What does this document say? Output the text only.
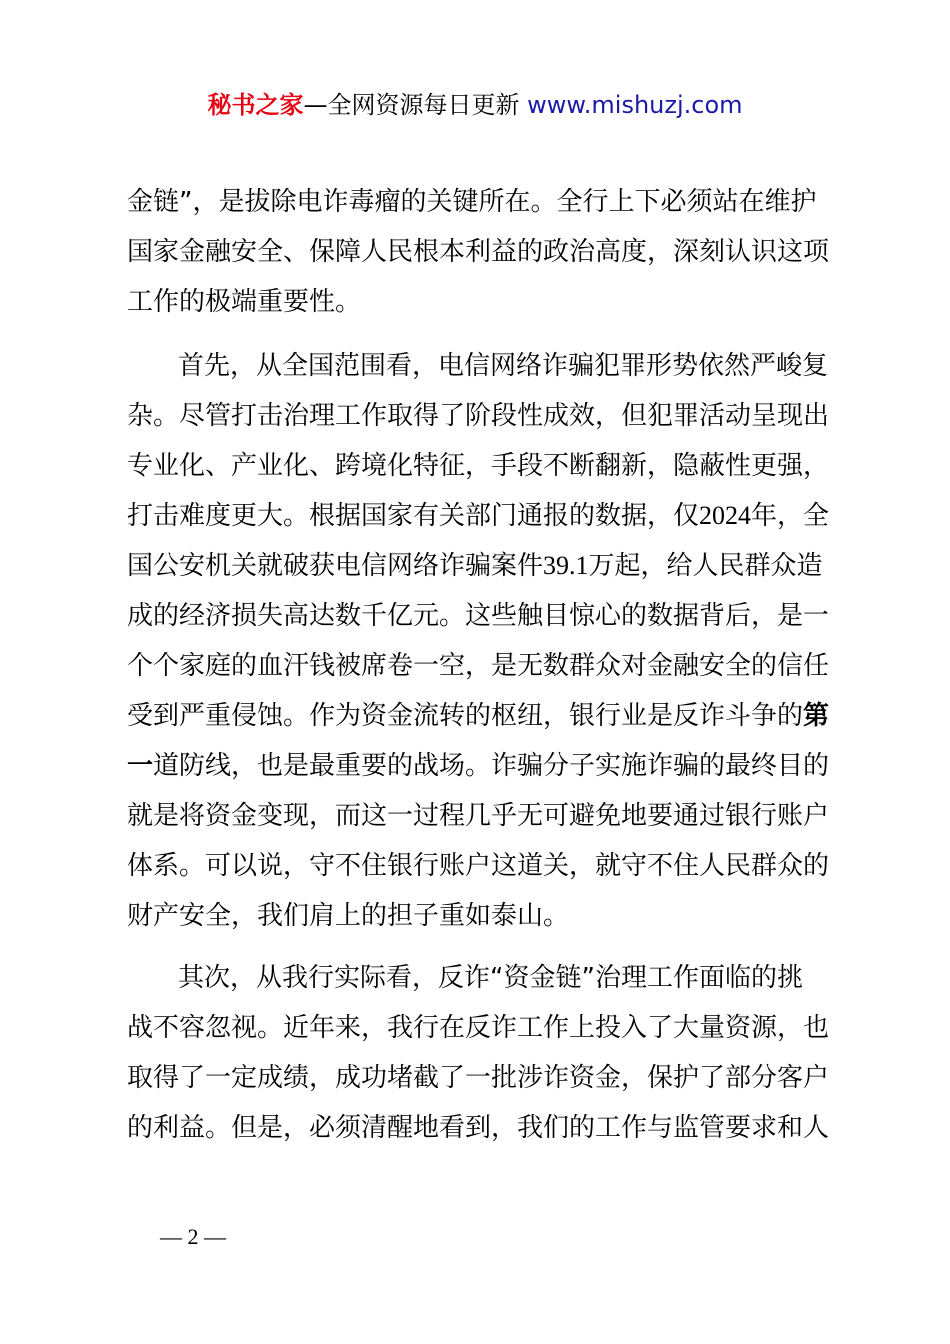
秘书之家—全网资源每日更新 www.mishuzj.com
金链”，是拔除电诈毒瘤的关键所在。全行上下必须站在维护
国家金融安全、保障人民根本利益的政治高度，深刻认识这项
工作的极端重要性。
首先，从全国范围看，电信网络诈骗犯罪形势依然严峻复
杂。尽管打击治理工作取得了阶段性成效，但犯罪活动呈现出
专业化、产业化、跨境化特征，手段不断翻新，隐蔽性更强，
打击难度更大。根据国家有关部门通报的数据，仅2024年，全
国公安机关就破获电信网络诈骗案件39.1万起，给人民群众造
成的经济损失高达数千亿元。这些触目惊心的数据背后，是一
个个家庭的血汗钱被席卷一空，是无数群众对金融安全的信任
受到严重侵蚀。作为资金流转的枢纽，银行业是反诈斗争的第
一道防线，也是最重要的战场。诈骗分子实施诈骗的最终目的
就是将资金变现，而这一过程几乎无可避免地要通过银行账户
体系。可以说，守不住银行账户这道关，就守不住人民群众的
财产安全，我们肩上的担子重如泰山。
其次，从我行实际看，反诈“资金链”治理工作面临的挑
战不容忽视。近年来，我行在反诈工作上投入了大量资源，也
取得了一定成绩，成功堵截了一批涉诈资金，保护了部分客户
的利益。但是，必须清醒地看到，我们的工作与监管要求和人
— 2 —
